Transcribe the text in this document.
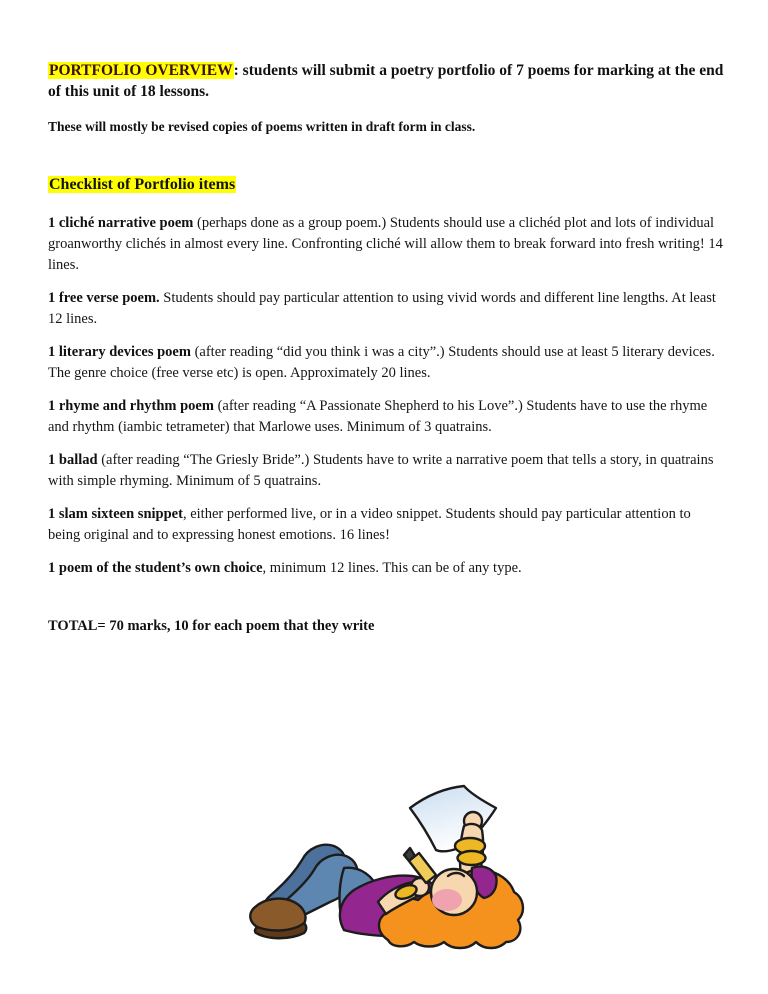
PORTFOLIO OVERVIEW: students will submit a poetry portfolio of 7 poems for marking at the end of this unit of 18 lessons.

These will mostly be revised copies of poems written in draft form in class.

Checklist of Portfolio items

1 cliché narrative poem (perhaps done as a group poem.) Students should use a clichéd plot and lots of individual groanworthy clichés in almost every line. Confronting cliché will allow them to break forward into fresh writing! 14 lines.

1 free verse poem. Students should pay particular attention to using vivid words and different line lengths. At least 12 lines.

1 literary devices poem (after reading “did you think i was a city”.) Students should use at least 5 literary devices. The genre choice (free verse etc) is open. Approximately 20 lines.

1 rhyme and rhythm poem (after reading “A Passionate Shepherd to his Love”.) Students have to use the rhyme and rhythm (iambic tetrameter) that Marlowe uses. Minimum of 3 quatrains.

1 ballad (after reading “The Griesly Bride”.) Students have to write a narrative poem that tells a story, in quatrains with simple rhyming. Minimum of 5 quatrains.

1 slam sixteen snippet, either performed live, or in a video snippet. Students should pay particular attention to being original and to expressing honest emotions. 16 lines!

1 poem of the student’s own choice, minimum 12 lines. This can be of any type.

TOTAL= 70 marks, 10 for each poem that they write
